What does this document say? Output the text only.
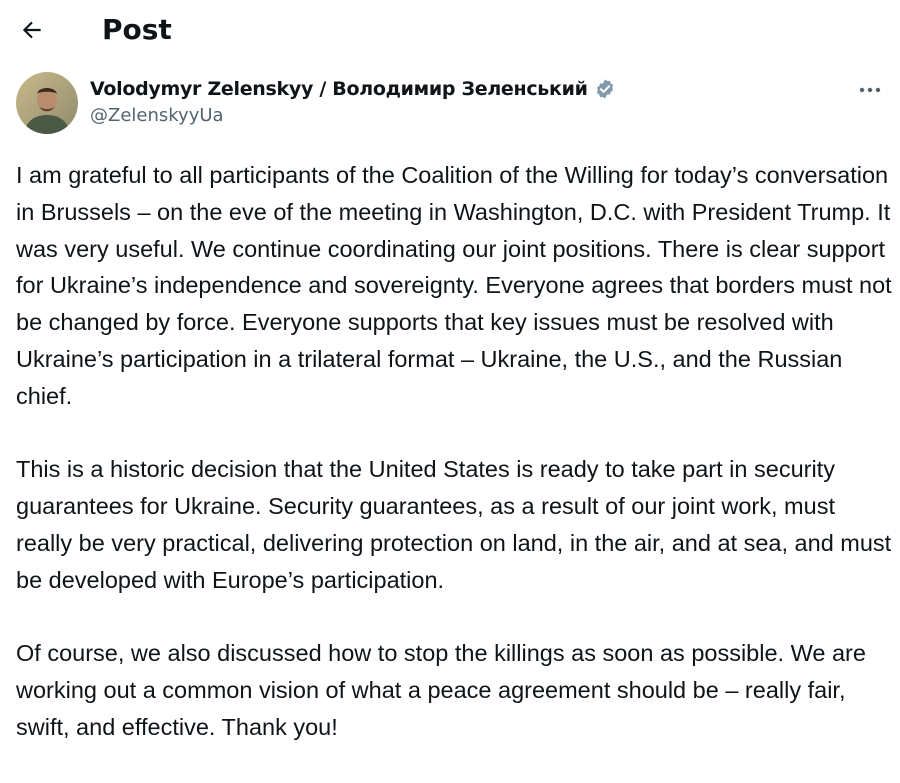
Post
Volodymyr Zelenskyy / Володимир Зеленський
@ZelenskyyUa

I am grateful to all participants of the Coalition of the Willing for today’s conversation in Brussels – on the eve of the meeting in Washington, D.C. with President Trump. It was very useful. We continue coordinating our joint positions. There is clear support for Ukraine’s independence and sovereignty. Everyone agrees that borders must not be changed by force. Everyone supports that key issues must be resolved with Ukraine’s participation in a trilateral format – Ukraine, the U.S., and the Russian chief.

This is a historic decision that the United States is ready to take part in security guarantees for Ukraine. Security guarantees, as a result of our joint work, must really be very practical, delivering protection on land, in the air, and at sea, and must be developed with Europe’s participation.

Of course, we also discussed how to stop the killings as soon as possible. We are working out a common vision of what a peace agreement should be – really fair, swift, and effective. Thank you!
